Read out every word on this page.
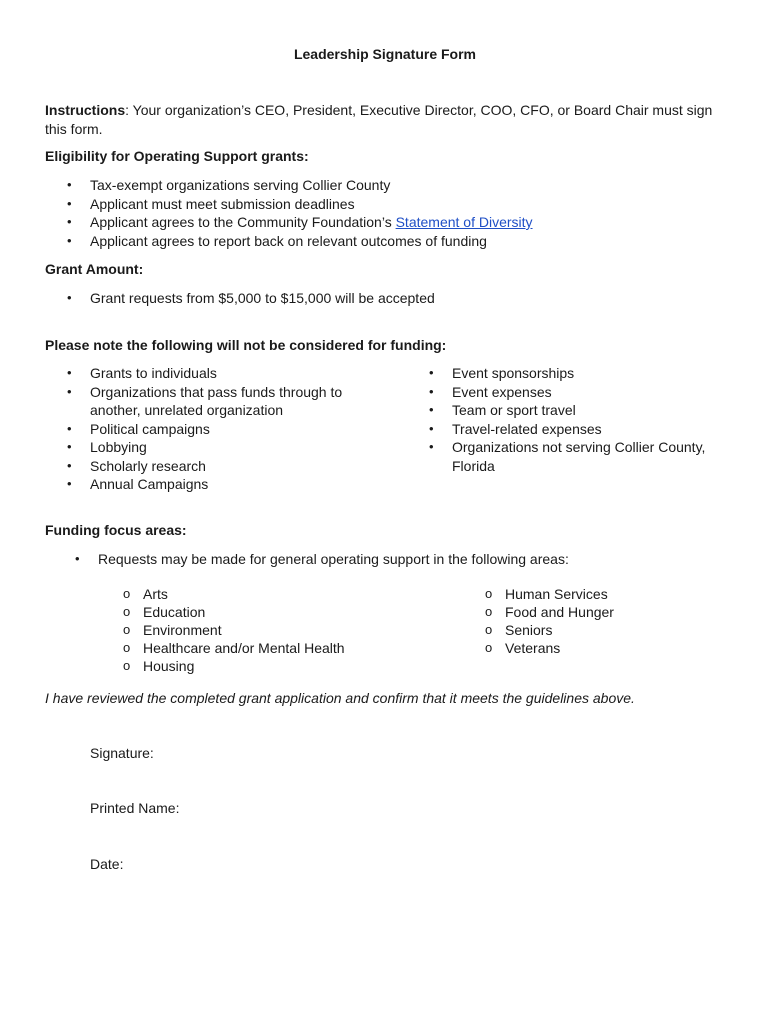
Leadership Signature Form
Instructions: Your organization’s CEO, President, Executive Director, COO, CFO, or Board Chair must sign this form.
Eligibility for Operating Support grants:
• Tax-exempt organizations serving Collier County
• Applicant must meet submission deadlines
• Applicant agrees to the Community Foundation’s Statement of Diversity
• Applicant agrees to report back on relevant outcomes of funding
Grant Amount:
• Grant requests from $5,000 to $15,000 will be accepted
Please note the following will not be considered for funding:
• Grants to individuals
• Organizations that pass funds through to another, unrelated organization
• Political campaigns
• Lobbying
• Scholarly research
• Annual Campaigns
• Event sponsorships
• Event expenses
• Team or sport travel
• Travel-related expenses
• Organizations not serving Collier County, Florida
Funding focus areas:
• Requests may be made for general operating support in the following areas:
o Arts
o Education
o Environment
o Healthcare and/or Mental Health
o Housing
o Human Services
o Food and Hunger
o Seniors
o Veterans
I have reviewed the completed grant application and confirm that it meets the guidelines above.
Signature:
Printed Name:
Date:
